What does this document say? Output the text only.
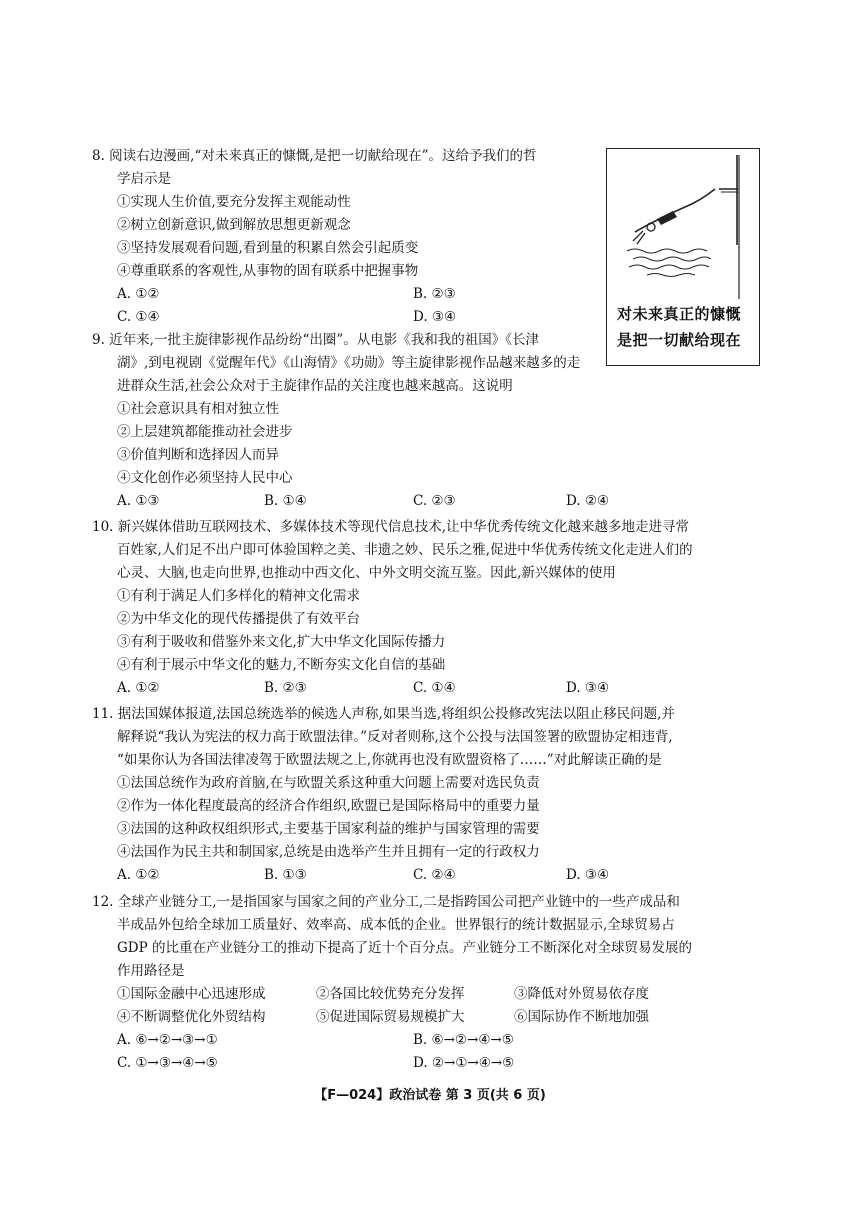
对未来真正的慷慨
是把一切献给现在
8. 阅读右边漫画,“对未来真正的慷慨,是把一切献给现在”。这给予我们的哲
学启示是
①实现人生价值,要充分发挥主观能动性
②树立创新意识,做到解放思想更新观念
③坚持发展观看问题,看到量的积累自然会引起质变
④尊重联系的客观性,从事物的固有联系中把握事物
A. ①②	B. ②③
C. ①④	D. ③④
9. 近年来,一批主旋律影视作品纷纷“出圈”。从电影《我和我的祖国》《长津
湖》,到电视剧《觉醒年代》《山海情》《功勋》等主旋律影视作品越来越多的走
进群众生活,社会公众对于主旋律作品的关注度也越来越高。这说明
①社会意识具有相对独立性
②上层建筑都能推动社会进步
③价值判断和选择因人而异
④文化创作必须坚持人民中心
A. ①③	B. ①④	C. ②③	D. ②④
10. 新兴媒体借助互联网技术、多媒体技术等现代信息技术,让中华优秀传统文化越来越多地走进寻常
百姓家,人们足不出户即可体验国粹之美、非遗之妙、民乐之雅,促进中华优秀传统文化走进人们的
心灵、大脑,也走向世界,也推动中西文化、中外文明交流互鉴。因此,新兴媒体的使用
①有利于满足人们多样化的精神文化需求
②为中华文化的现代传播提供了有效平台
③有利于吸收和借鉴外来文化,扩大中华文化国际传播力
④有利于展示中华文化的魅力,不断夯实文化自信的基础
A. ①②	B. ②③	C. ①④	D. ③④
11. 据法国媒体报道,法国总统选举的候选人声称,如果当选,将组织公投修改宪法以阻止移民问题,并
解释说“我认为宪法的权力高于欧盟法律。”反对者则称,这个公投与法国签署的欧盟协定相违背,
“如果你认为各国法律凌驾于欧盟法规之上,你就再也没有欧盟资格了……”对此解读正确的是
①法国总统作为政府首脑,在与欧盟关系这种重大问题上需要对选民负责
②作为一体化程度最高的经济合作组织,欧盟已是国际格局中的重要力量
③法国的这种政权组织形式,主要基于国家利益的维护与国家管理的需要
④法国作为民主共和制国家,总统是由选举产生并且拥有一定的行政权力
A. ①②	B. ①③	C. ②④	D. ③④
12. 全球产业链分工,一是指国家与国家之间的产业分工,二是指跨国公司把产业链中的一些产成品和
半成品外包给全球加工质量好、效率高、成本低的企业。世界银行的统计数据显示,全球贸易占
GDP 的比重在产业链分工的推动下提高了近十个百分点。产业链分工不断深化对全球贸易发展的
作用路径是
①国际金融中心迅速形成	②各国比较优势充分发挥	③降低对外贸易依存度
④不断调整优化外贸结构	⑤促进国际贸易规模扩大	⑥国际协作不断地加强
A. ⑥→②→③→①	B. ⑥→②→④→⑤
C. ①→③→④→⑤	D. ②→①→④→⑤
【F—024】政治试卷 第 3 页(共 6 页)
